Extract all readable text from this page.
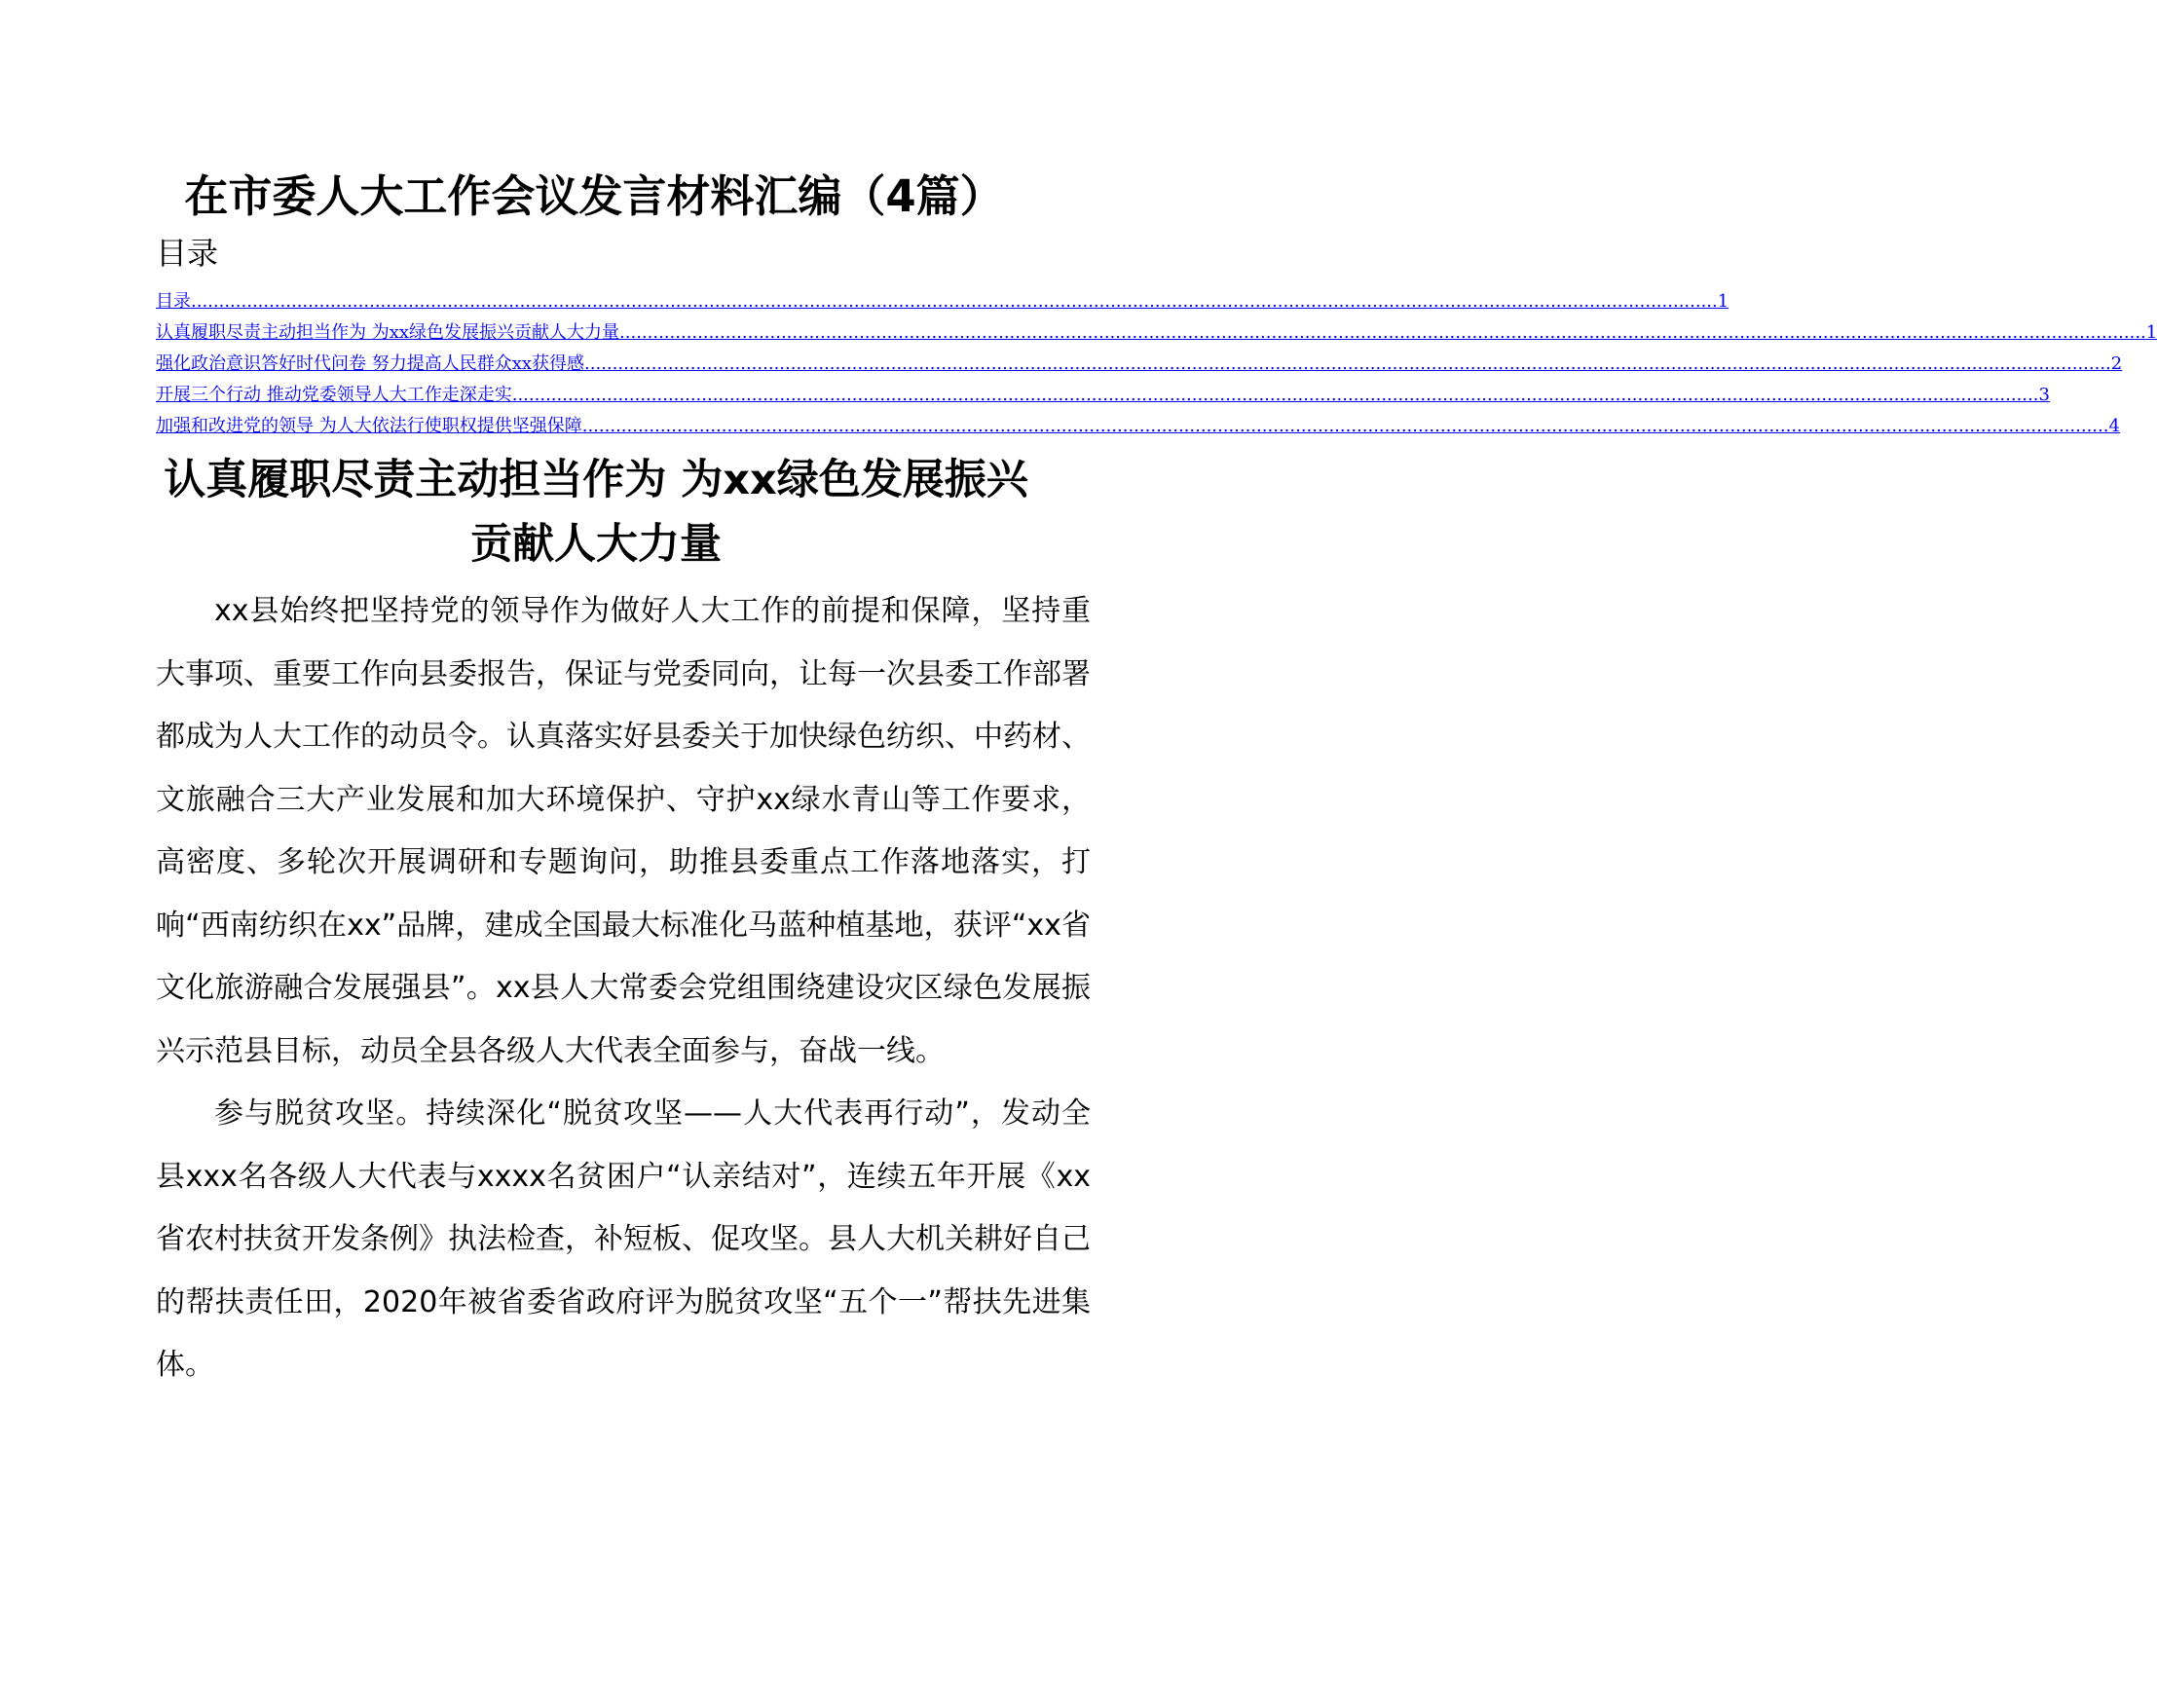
在市委人大工作会议发言材料汇编（4篇）
目录
目录 .................................................................................................................................................................................................................................................................................. 1
认真履职尽责主动担当作为 为xx绿色发展振兴贡献人大力量 .................................................................................................................................................................................................................................................................................. 1
强化政治意识答好时代问卷 努力提高人民群众xx获得感 .................................................................................................................................................................................................................................................................................. 2
开展三个行动 推动党委领导人大工作走深走实 .................................................................................................................................................................................................................................................................................. 3
加强和改进党的领导 为人大依法行使职权提供坚强保障 .................................................................................................................................................................................................................................................................................. 4
认真履职尽责主动担当作为 为xx绿色发展振兴贡献人大力量

xx县始终把坚持党的领导作为做好人大工作的前提和保障，坚持重大事项、重要工作向县委报告，保证与党委同向，让每一次县委工作部署都成为人大工作的动员令。认真落实好县委关于加快绿色纺织、中药材、文旅融合三大产业发展和加大环境保护、守护xx绿水青山等工作要求，高密度、多轮次开展调研和专题询问，助推县委重点工作落地落实，打响“西南纺织在xx”品牌，建成全国最大标准化马蓝种植基地，获评“xx省文化旅游融合发展强县”。xx县人大常委会党组围绕建设灾区绿色发展振兴示范县目标，动员全县各级人大代表全面参与，奋战一线。

参与脱贫攻坚。持续深化“脱贫攻坚——人大代表再行动”，发动全县xxx名各级人大代表与xxxx名贫困户“认亲结对”，连续五年开展《xx省农村扶贫开发条例》执法检查，补短板、促攻坚。县人大机关耕好自己的帮扶责任田，2020年被省委省政府评为脱贫攻坚“五个一”帮扶先进集体。
